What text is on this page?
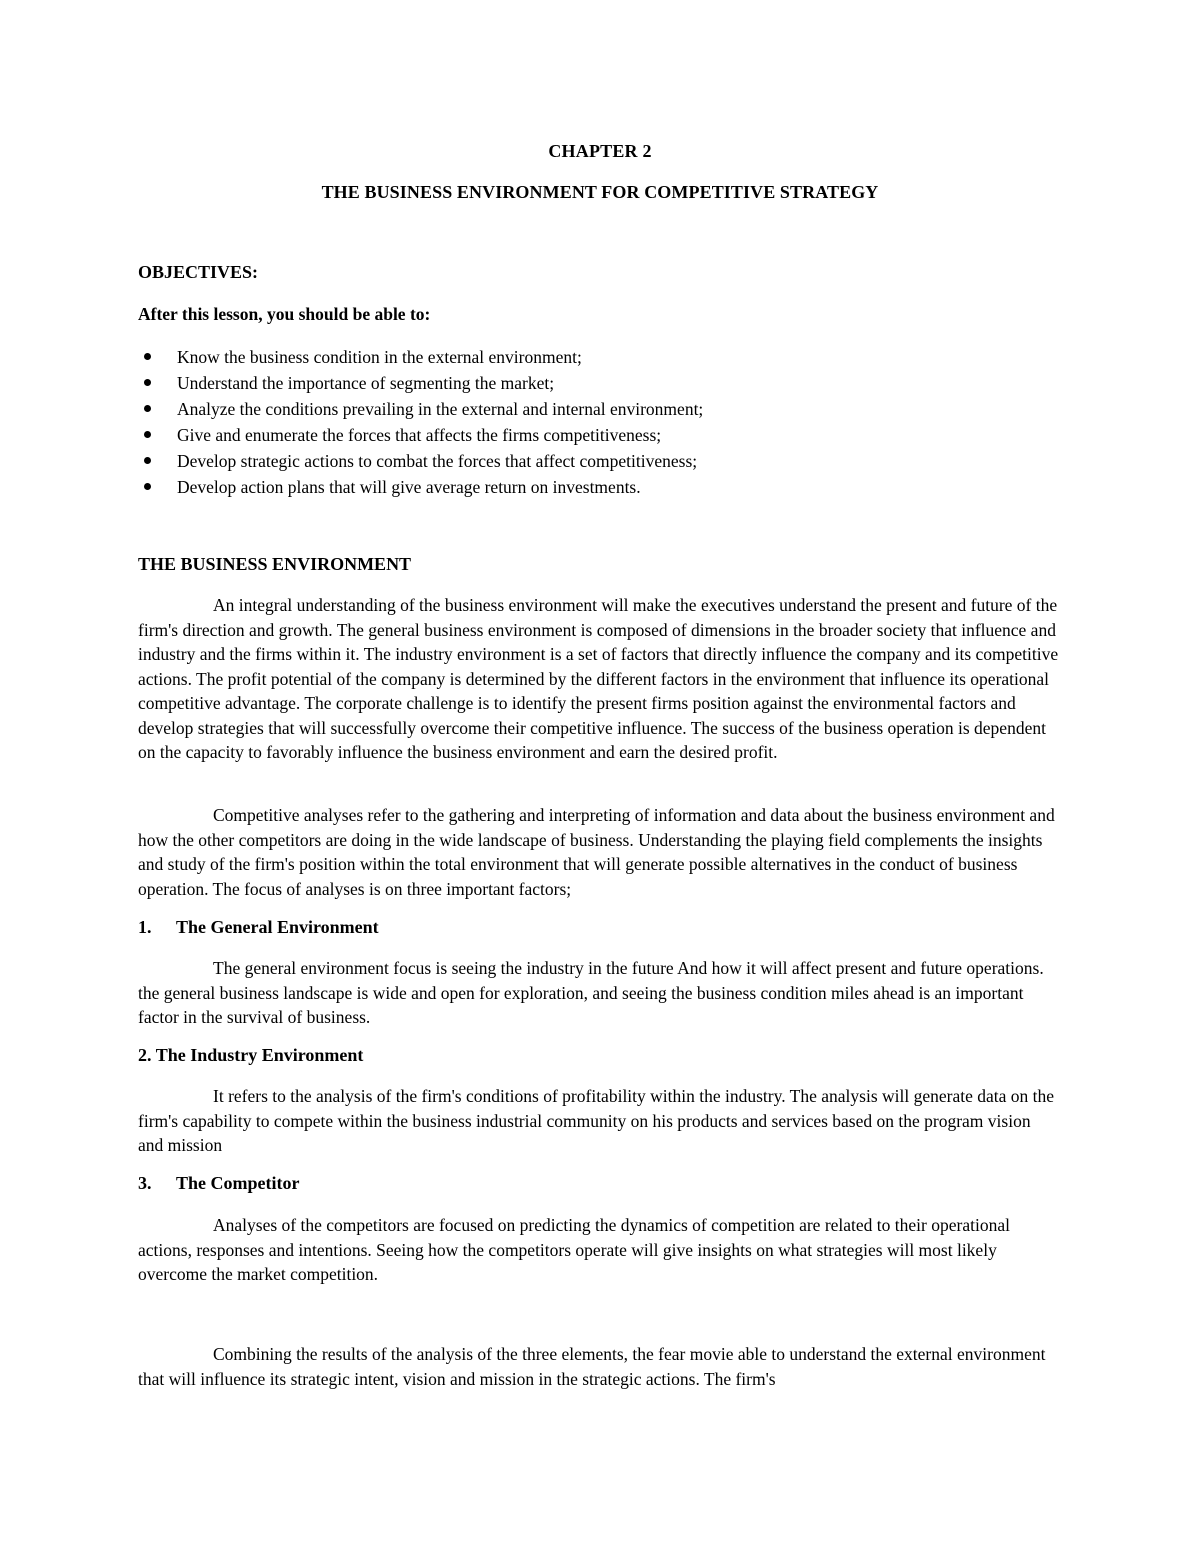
CHAPTER 2
THE BUSINESS ENVIRONMENT FOR COMPETITIVE STRATEGY
OBJECTIVES:
After this lesson, you should be able to:
Know the business condition in the external environment;
Understand the importance of segmenting the market;
Analyze the conditions prevailing in the external and internal environment;
Give and enumerate the forces that affects the firms competitiveness;
Develop strategic actions to combat the forces that affect competitiveness;
Develop action plans that will give average return on investments.
THE BUSINESS ENVIRONMENT

An integral understanding of the business environment will make the executives understand the present and future of the firm's direction and growth. The general business environment is composed of dimensions in the broader society that influence and industry and the firms within it. The industry environment is a set of factors that directly influence the company and its competitive actions. The profit potential of the company is determined by the different factors in the environment that influence its operational competitive advantage. The corporate challenge is to identify the present firms position against the environmental factors and develop strategies that will successfully overcome their competitive influence. The success of the business operation is dependent on the capacity to favorably influence the business environment and earn the desired profit.

Competitive analyses refer to the gathering and interpreting of information and data about the business environment and how the other competitors are doing in the wide landscape of business. Understanding the playing field complements the insights and study of the firm's position within the total environment that will generate possible alternatives in the conduct of business operation. The focus of analyses is on three important factors;

1. The General Environment

The general environment focus is seeing the industry in the future And how it will affect present and future operations. the general business landscape is wide and open for exploration, and seeing the business condition miles ahead is an important factor in the survival of business.

2. The Industry Environment

It refers to the analysis of the firm's conditions of profitability within the industry. The analysis will generate data on the firm's capability to compete within the business industrial community on his products and services based on the program vision and mission

3. The Competitor

Analyses of the competitors are focused on predicting the dynamics of competition are related to their operational actions, responses and intentions. Seeing how the competitors operate will give insights on what strategies will most likely overcome the market competition.

Combining the results of the analysis of the three elements, the fear movie able to understand the external environment that will influence its strategic intent, vision and mission in the strategic actions. The firm's
